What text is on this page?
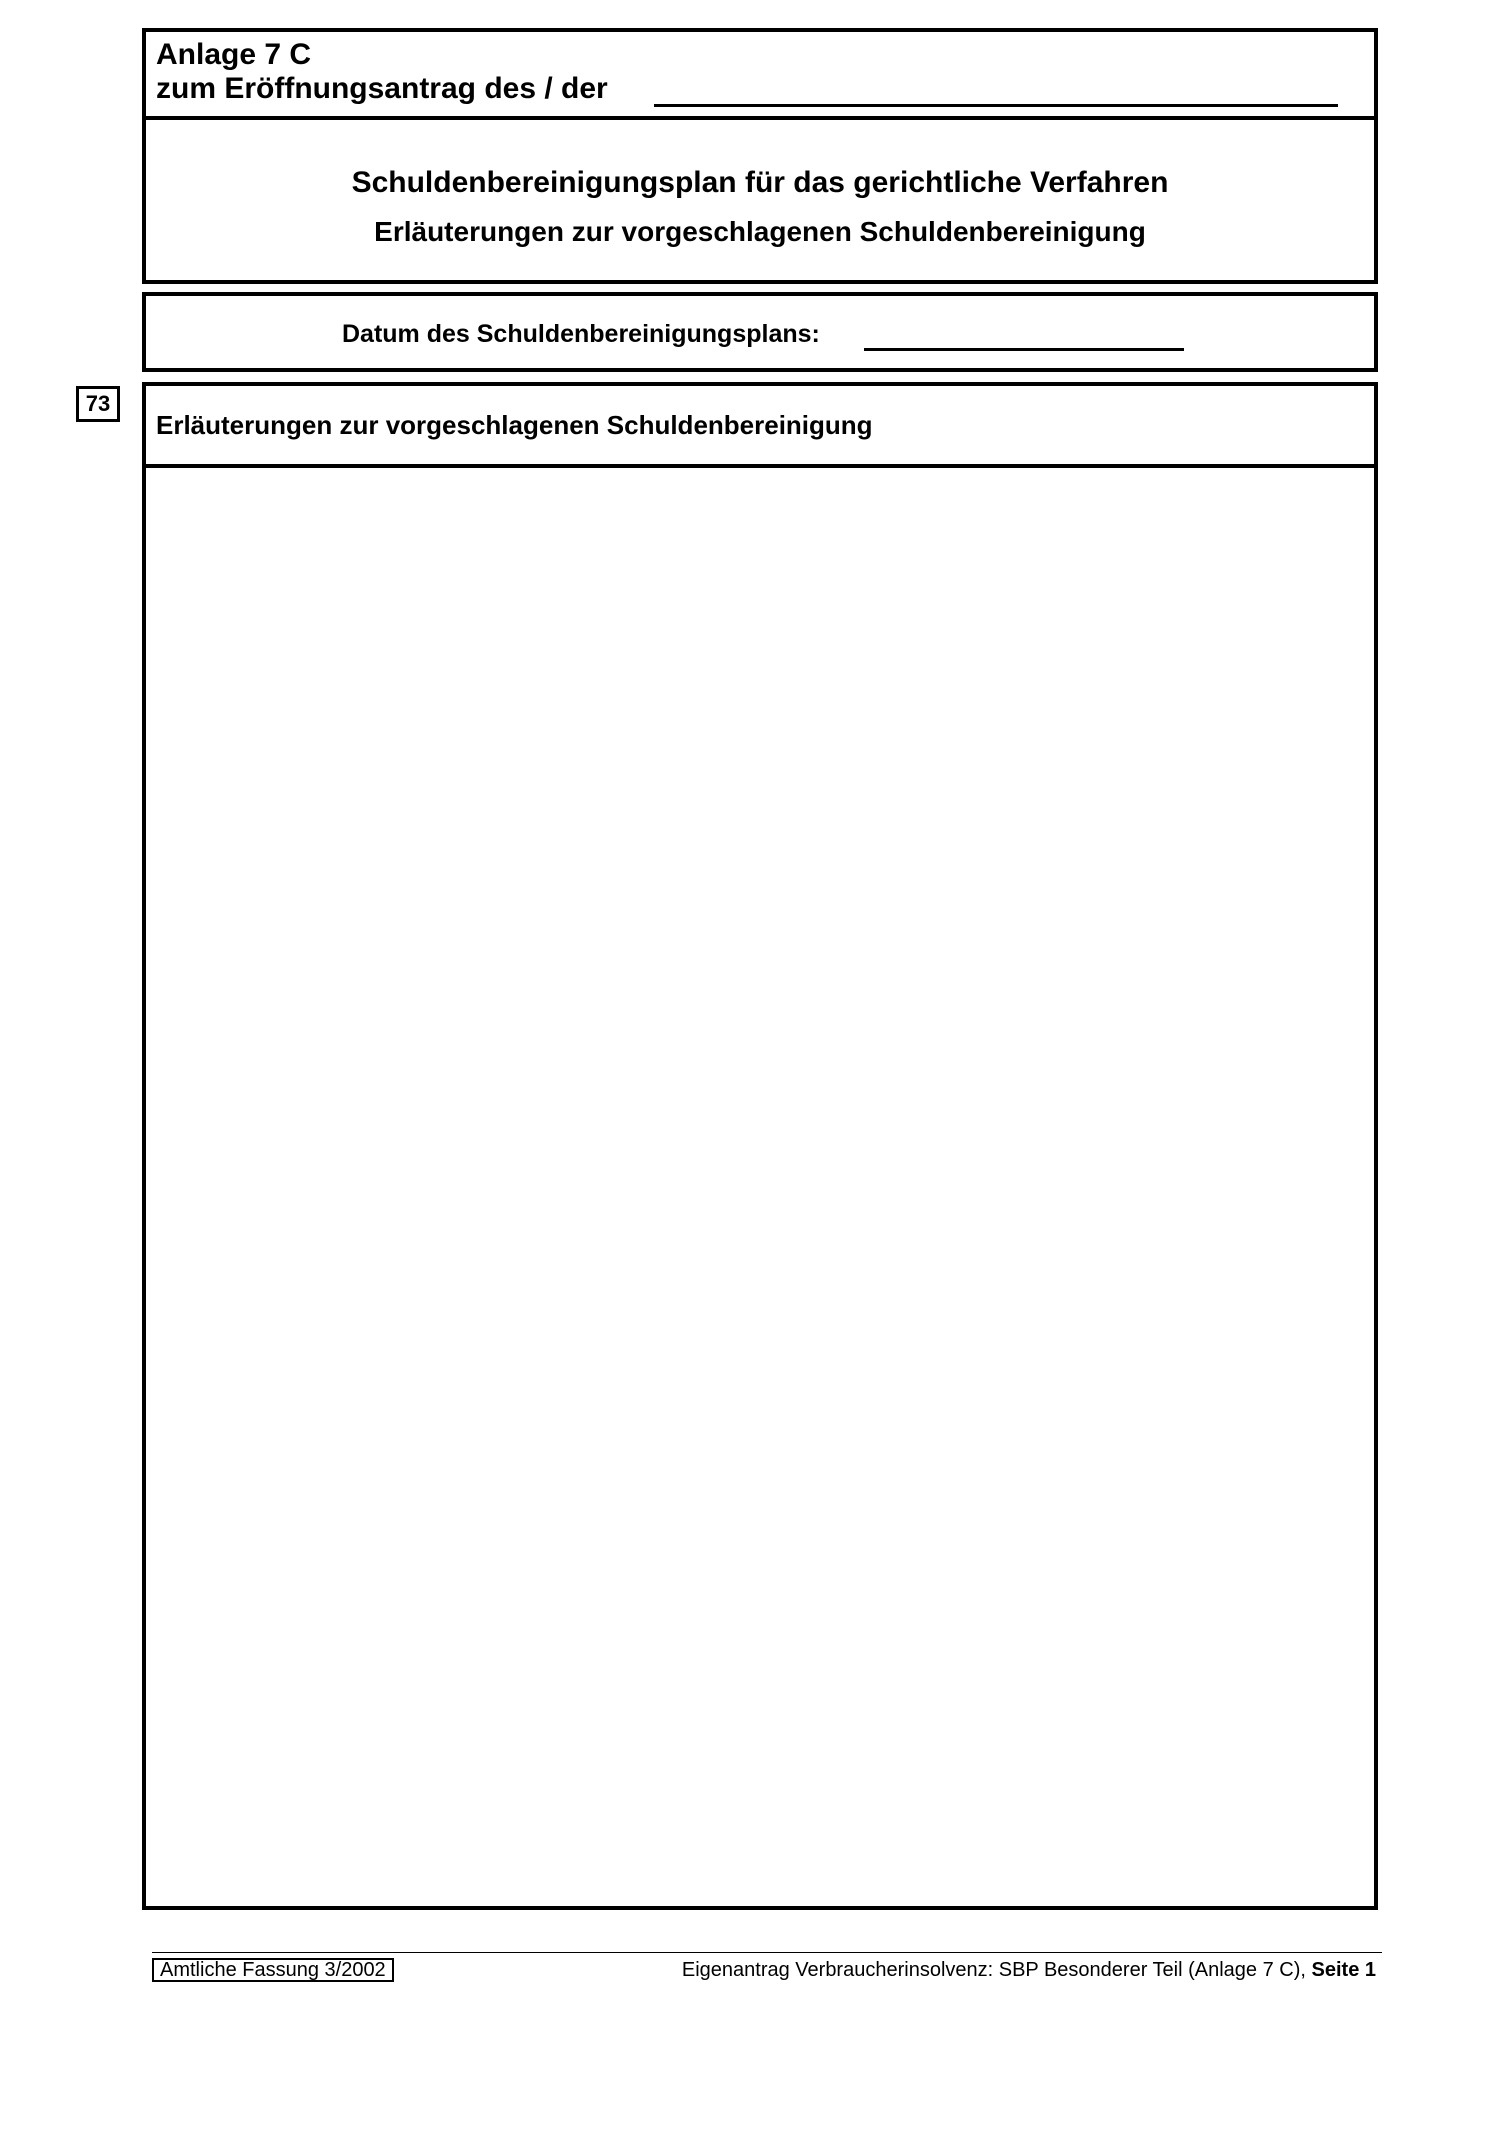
Anlage 7 C
zum Eröffnungsantrag des / der
Schuldenbereinigungsplan für das gerichtliche Verfahren
Erläuterungen zur vorgeschlagenen Schuldenbereinigung
Datum des Schuldenbereinigungsplans:
73
Erläuterungen zur vorgeschlagenen Schuldenbereinigung
Amtliche Fassung 3/2002	Eigenantrag Verbraucherinsolvenz: SBP Besonderer Teil (Anlage 7 C), Seite 1
